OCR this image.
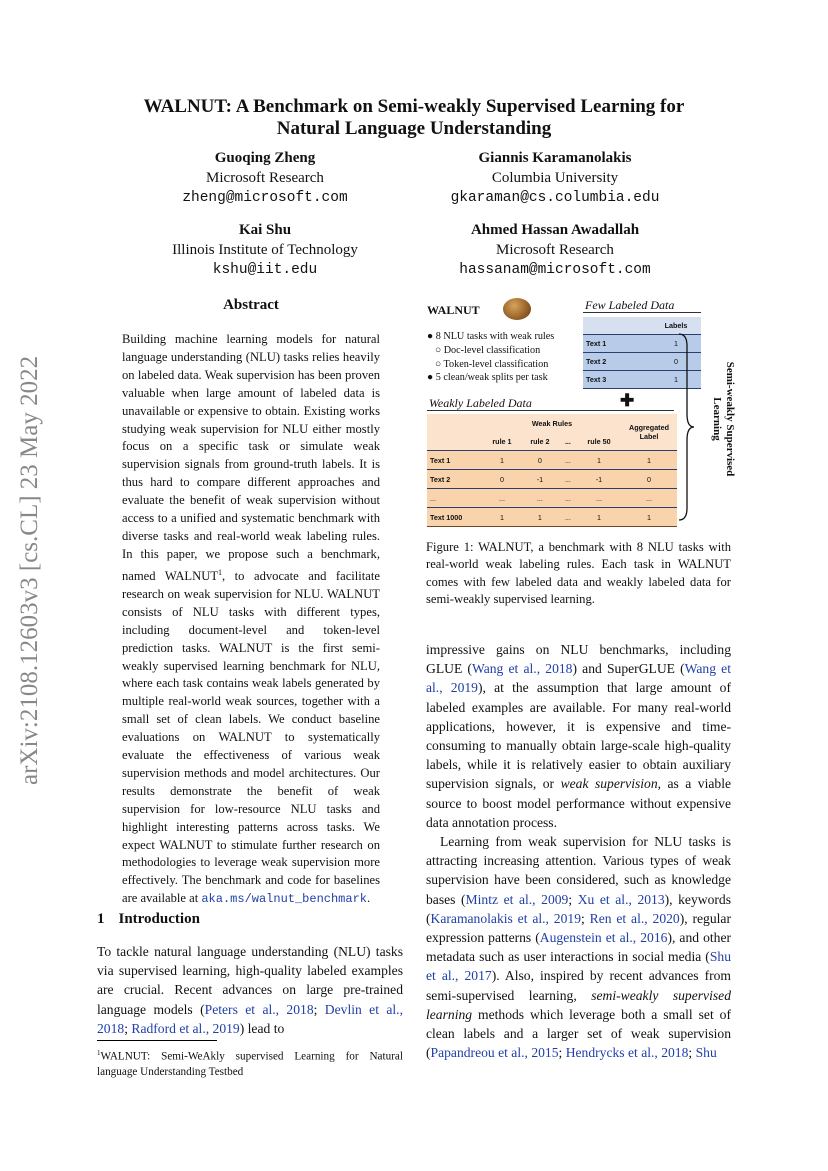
arXiv:2108.12603v3 [cs.CL] 23 May 2022
WALNUT: A Benchmark on Semi-weakly Supervised Learning for
Natural Language Understanding
Guoqing Zheng
Microsoft Research
zheng@microsoft.com
Giannis Karamanolakis
Columbia University
gkaraman@cs.columbia.edu
Kai Shu
Illinois Institute of Technology
kshu@iit.edu
Ahmed Hassan Awadallah
Microsoft Research
hassanam@microsoft.com
Abstract
Building machine learning models for natural language understanding (NLU) tasks relies heavily on labeled data. Weak supervision has been proven valuable when large amount of labeled data is unavailable or expensive to obtain. Existing works studying weak supervision for NLU either mostly focus on a specific task or simulate weak supervision signals from ground-truth labels. It is thus hard to compare different approaches and evaluate the benefit of weak supervision without access to a unified and systematic benchmark with diverse tasks and real-world weak labeling rules. In this paper, we propose such a benchmark, named WALNUT$^1$, to advocate and facilitate research on weak supervision for NLU. WALNUT consists of NLU tasks with different types, including document-level and token-level prediction tasks. WALNUT is the first semi-weakly supervised learning benchmark for NLU, where each task contains weak labels generated by multiple real-world weak sources, together with a small set of clean labels. We conduct baseline evaluations on WALNUT to systematically evaluate the effectiveness of various weak supervision methods and model architectures. Our results demonstrate the benefit of weak supervision for low-resource NLU tasks and highlight interesting patterns across tasks. We expect WALNUT to stimulate further research on methodologies to leverage weak supervision more effectively. The benchmark and code for baselines are available at aka.ms/walnut_benchmark.
1 Introduction
To tackle natural language understanding (NLU) tasks via supervised learning, high-quality labeled examples are crucial. Recent advances on large pre-trained language models (Peters et al., 2018; Devlin et al., 2018; Radford et al., 2019) lead to
$^1$WALNUT: Semi-WeAkly supervised Learning for Natural language Understanding Testbed
WALNUT	Few Labeled Data
● 8 NLU tasks with weak rules
○ Doc-level classification
○ Token-level classification
● 5 clean/weak splits per task
	Labels
Text 1	1
Text 2	0
Text 3	1
✚
Weakly Labeled Data
	Weak Rules				Aggregated Label
	rule 1	rule 2	...	rule 50	
Text 1	1	0	...	1	1
Text 2	0	-1	...	-1	0
...	...	...	...	...	...
Text 1000	1	1	...	1	1
Semi-weakly Supervised
Learning
Figure 1: WALNUT, a benchmark with 8 NLU tasks with real-world weak labeling rules. Each task in WALNUT comes with few labeled data and weakly labeled data for semi-weakly supervised learning.
impressive gains on NLU benchmarks, including GLUE (Wang et al., 2018) and SuperGLUE (Wang et al., 2019), at the assumption that large amount of labeled examples are available. For many real-world applications, however, it is expensive and time-consuming to manually obtain large-scale high-quality labels, while it is relatively easier to obtain auxiliary supervision signals, or weak supervision, as a viable source to boost model performance without expensive data annotation process.
Learning from weak supervision for NLU tasks is attracting increasing attention. Various types of weak supervision have been considered, such as knowledge bases (Mintz et al., 2009; Xu et al., 2013), keywords (Karamanolakis et al., 2019; Ren et al., 2020), regular expression patterns (Augenstein et al., 2016), and other metadata such as user interactions in social media (Shu et al., 2017). Also, inspired by recent advances from semi-supervised learning, semi-weakly supervised learning methods which leverage both a small set of clean labels and a larger set of weak supervision (Papandreou et al., 2015; Hendrycks et al., 2018; Shu
